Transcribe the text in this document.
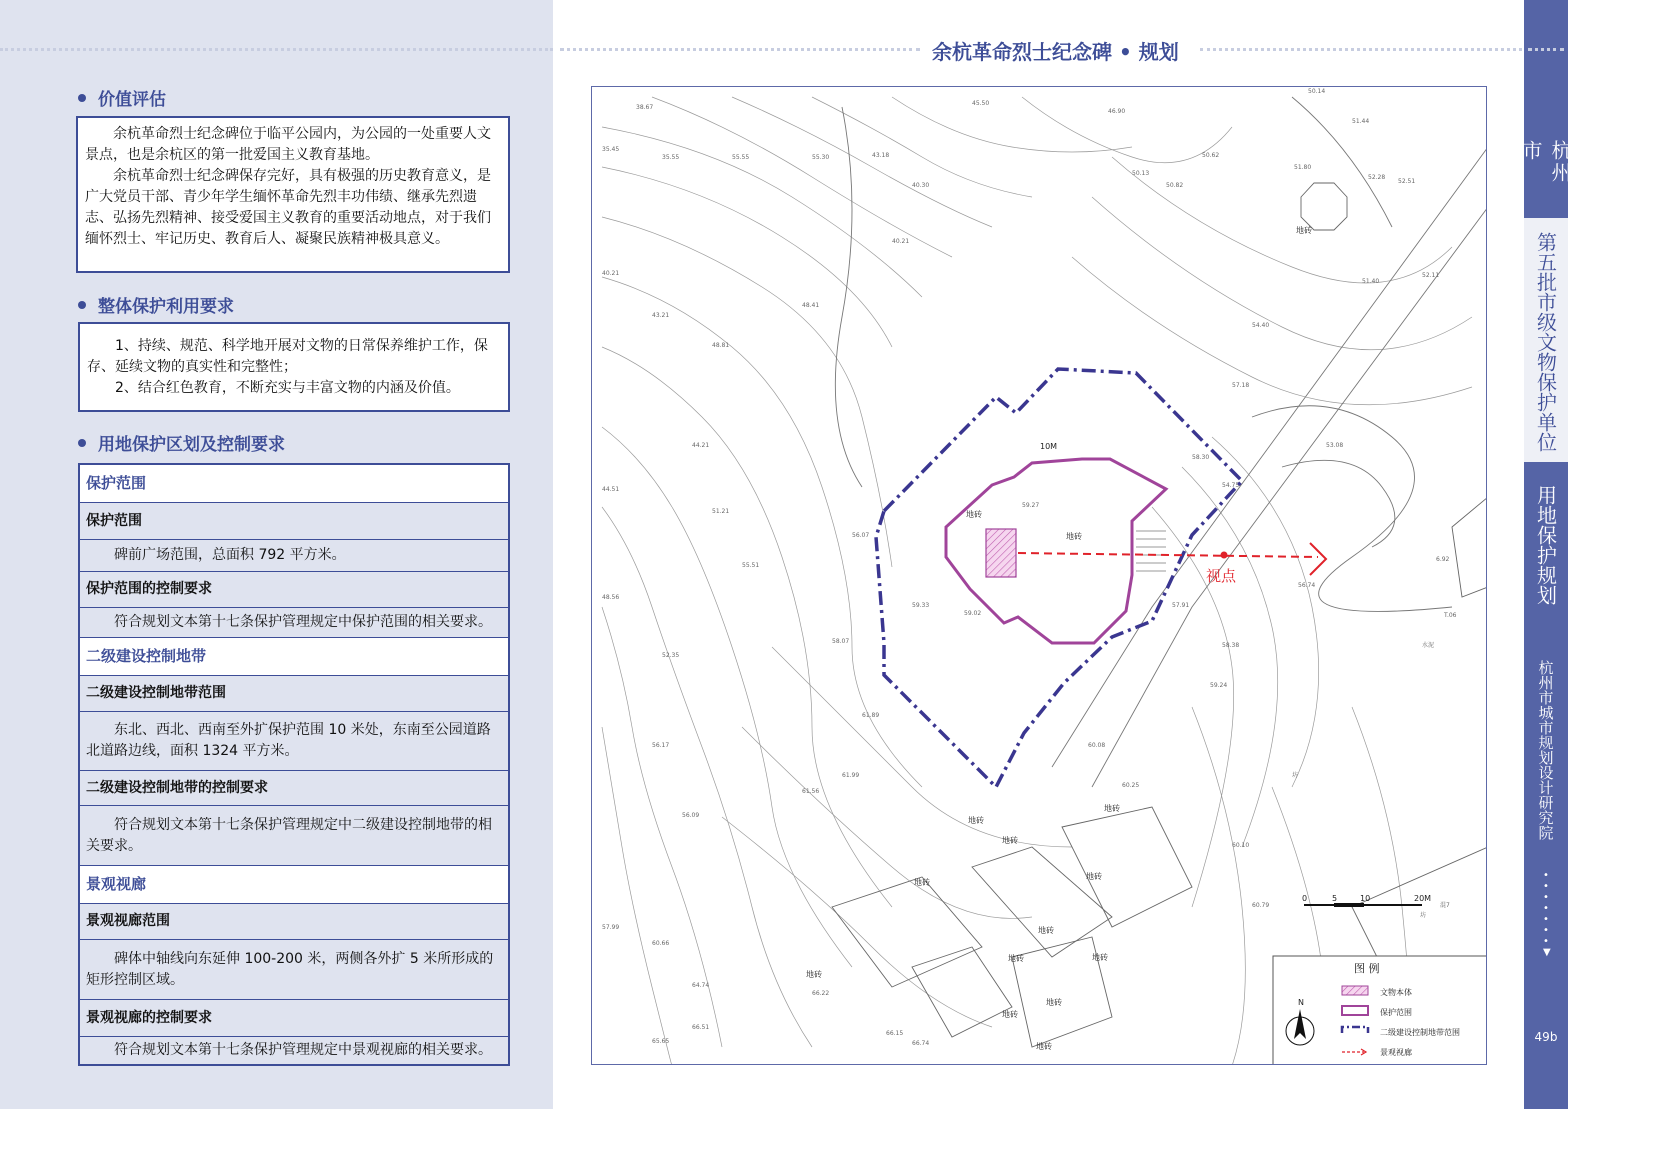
余杭革命烈士纪念碑 • 规划
价值评估

余杭革命烈士纪念碑位于临平公园内，为公园的一处重要人文景点，也是余杭区的第一批爱国主义教育基地。

余杭革命烈士纪念碑保存完好，具有极强的历史教育意义，是广大党员干部、青少年学生缅怀革命先烈丰功伟绩、继承先烈遗志、弘扬先烈精神、接受爱国主义教育的重要活动地点，对于我们缅怀烈士、牢记历史、教育后人、凝聚民族精神极具意义。

整体保护利用要求

1、持续、规范、科学地开展对文物的日常保养维护工作，保存、延续文物的真实性和完整性；

2、结合红色教育，不断充实与丰富文物的内涵及价值。

用地保护区划及控制要求
保护范围
保护范围
碑前广场范围，总面积 792 平方米。
保护范围的控制要求
符合规划文本第十七条保护管理规定中保护范围的相关要求。
二级建设控制地带
二级建设控制地带范围
东北、西北、西南至外扩保护范围 10 米处，东南至公园道路北道路边线，面积 1324 平方米。
二级建设控制地带的控制要求
符合规划文本第十七条保护管理规定中二级建设控制地带的相关要求。
景观视廊
景观视廊范围
碑体中轴线向东延伸 100-200 米，两侧各外扩 5 米所形成的矩形控制区域。
景观视廊的控制要求
符合规划文本第十七条保护管理规定中景观视廊的相关要求。
38.67
55.55
35.45
35.55	55.30	43.18
40.21
43.21
48.81
48.41
40.21
40.30
45.50
46.90
50.14
51.44
50.13
50.62
50.82
51.80
52.28
52.51
51.40
53.08
54.40
52.11
44.21
44.51
51.21
55.51
48.56
58.07
52.35
56.17
61.99
61.56
61.89
56.09
57.99
60.66
64.74
66.22
66.15
66.74
66.51
65.65
58.38
59.24
60.08
60.25
60.10
60.79
56.74
57.18
54.75
58.30
57.91
59.27
56.07
59.33
59.02	T.06
6.92
水泥
坊
坊
混7
地砖
地砖
地砖
地砖
地砖
地砖
地砖
地砖
地砖	地砖
地砖
地砖
地砖
地砖
地砖
10M
视点
0	5	10	20M
图 例
N
文物本体
保护范围
二级建设控制地带范围
景观视廊
杭州市
第五批市级文物保护单位
用地保护规划
杭州市城市规划设计研究院
•
•
•
•
•
•
•
▼
49b
